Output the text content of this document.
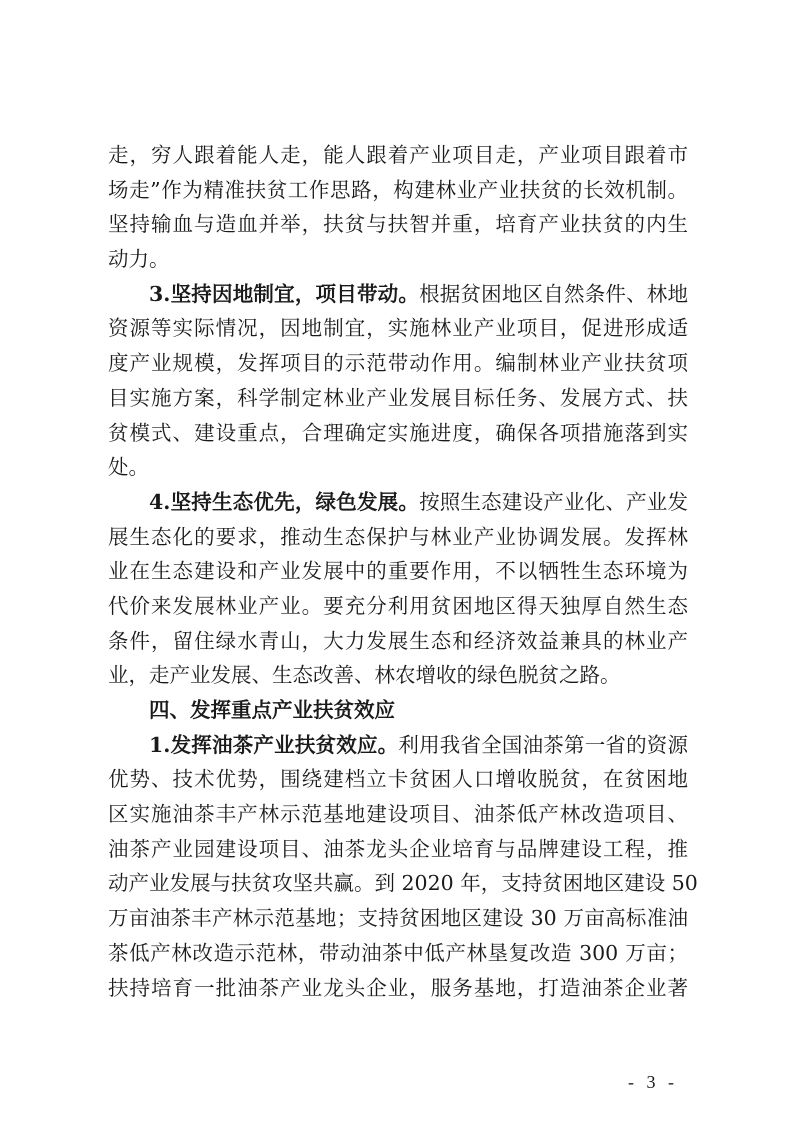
走，穷人跟着能人走，能人跟着产业项目走，产业项目跟着市
场走”作为精准扶贫工作思路，构建林业产业扶贫的长效机制。
坚持输血与造血并举，扶贫与扶智并重，培育产业扶贫的内生
动力。
3.坚持因地制宜，项目带动。根据贫困地区自然条件、林地
资源等实际情况，因地制宜，实施林业产业项目，促进形成适
度产业规模，发挥项目的示范带动作用。编制林业产业扶贫项
目实施方案，科学制定林业产业发展目标任务、发展方式、扶
贫模式、建设重点，合理确定实施进度，确保各项措施落到实
处。
4.坚持生态优先，绿色发展。按照生态建设产业化、产业发
展生态化的要求，推动生态保护与林业产业协调发展。发挥林
业在生态建设和产业发展中的重要作用，不以牺牲生态环境为
代价来发展林业产业。要充分利用贫困地区得天独厚自然生态
条件，留住绿水青山，大力发展生态和经济效益兼具的林业产
业，走产业发展、生态改善、林农增收的绿色脱贫之路。
四、发挥重点产业扶贫效应
1.发挥油茶产业扶贫效应。利用我省全国油茶第一省的资源
优势、技术优势，围绕建档立卡贫困人口增收脱贫，在贫困地
区实施油茶丰产林示范基地建设项目、油茶低产林改造项目、
油茶产业园建设项目、油茶龙头企业培育与品牌建设工程，推
动产业发展与扶贫攻坚共赢。到 2020 年，支持贫困地区建设 50
万亩油茶丰产林示范基地；支持贫困地区建设 30 万亩高标准油
茶低产林改造示范林，带动油茶中低产林垦复改造 300 万亩；
扶持培育一批油茶产业龙头企业，服务基地，打造油茶企业著
- 3 -
